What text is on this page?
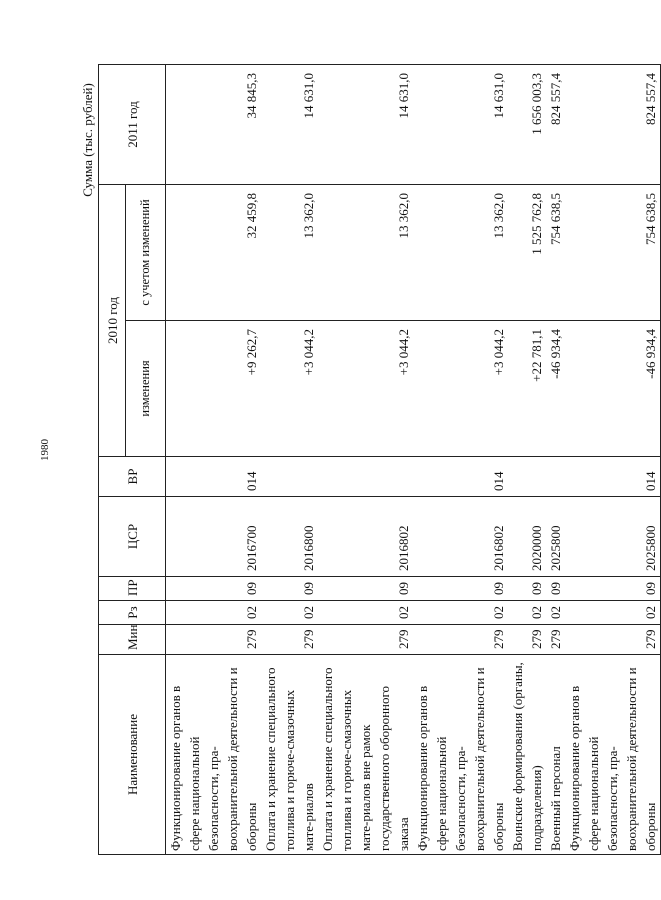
1980
Сумма (тыс. рублей)
Наименование	Мин	Рз	ПР	ЦСР	ВР	2010 год		2011 год
						изменения	с учетом изменений	
Функционирование органов в сфере национальной безопасности, пра-воохранительной деятельности и обороны	279	02	09	2016700	014	+9 262,7	32 459,8	34 845,3
Оплата и хранение специального топлива и горюче-смазочных мате-риалов	279	02	09	2016800		+3 044,2	13 362,0	14 631,0
Оплата и хранение специального топлива и горюче-смазочных мате-риалов вне рамок государственного оборонного заказа	279	02	09	2016802		+3 044,2	13 362,0	14 631,0
Функционирование органов в сфере национальной безопасности, пра-воохранительной деятельности и обороны	279	02	09	2016802	014	+3 044,2	13 362,0	14 631,0
Воинские формирования (органы, подразделения)	279	02	09	2020000		+22 781,1	1 525 762,8	1 656 003,3
Военный персонал	279	02	09	2025800		-46 934,4	754 638,5	824 557,4
Функционирование органов в сфере национальной безопасности, пра-воохранительной деятельности и обороны	279	02	09	2025800	014	-46 934,4	754 638,5	824 557,4
